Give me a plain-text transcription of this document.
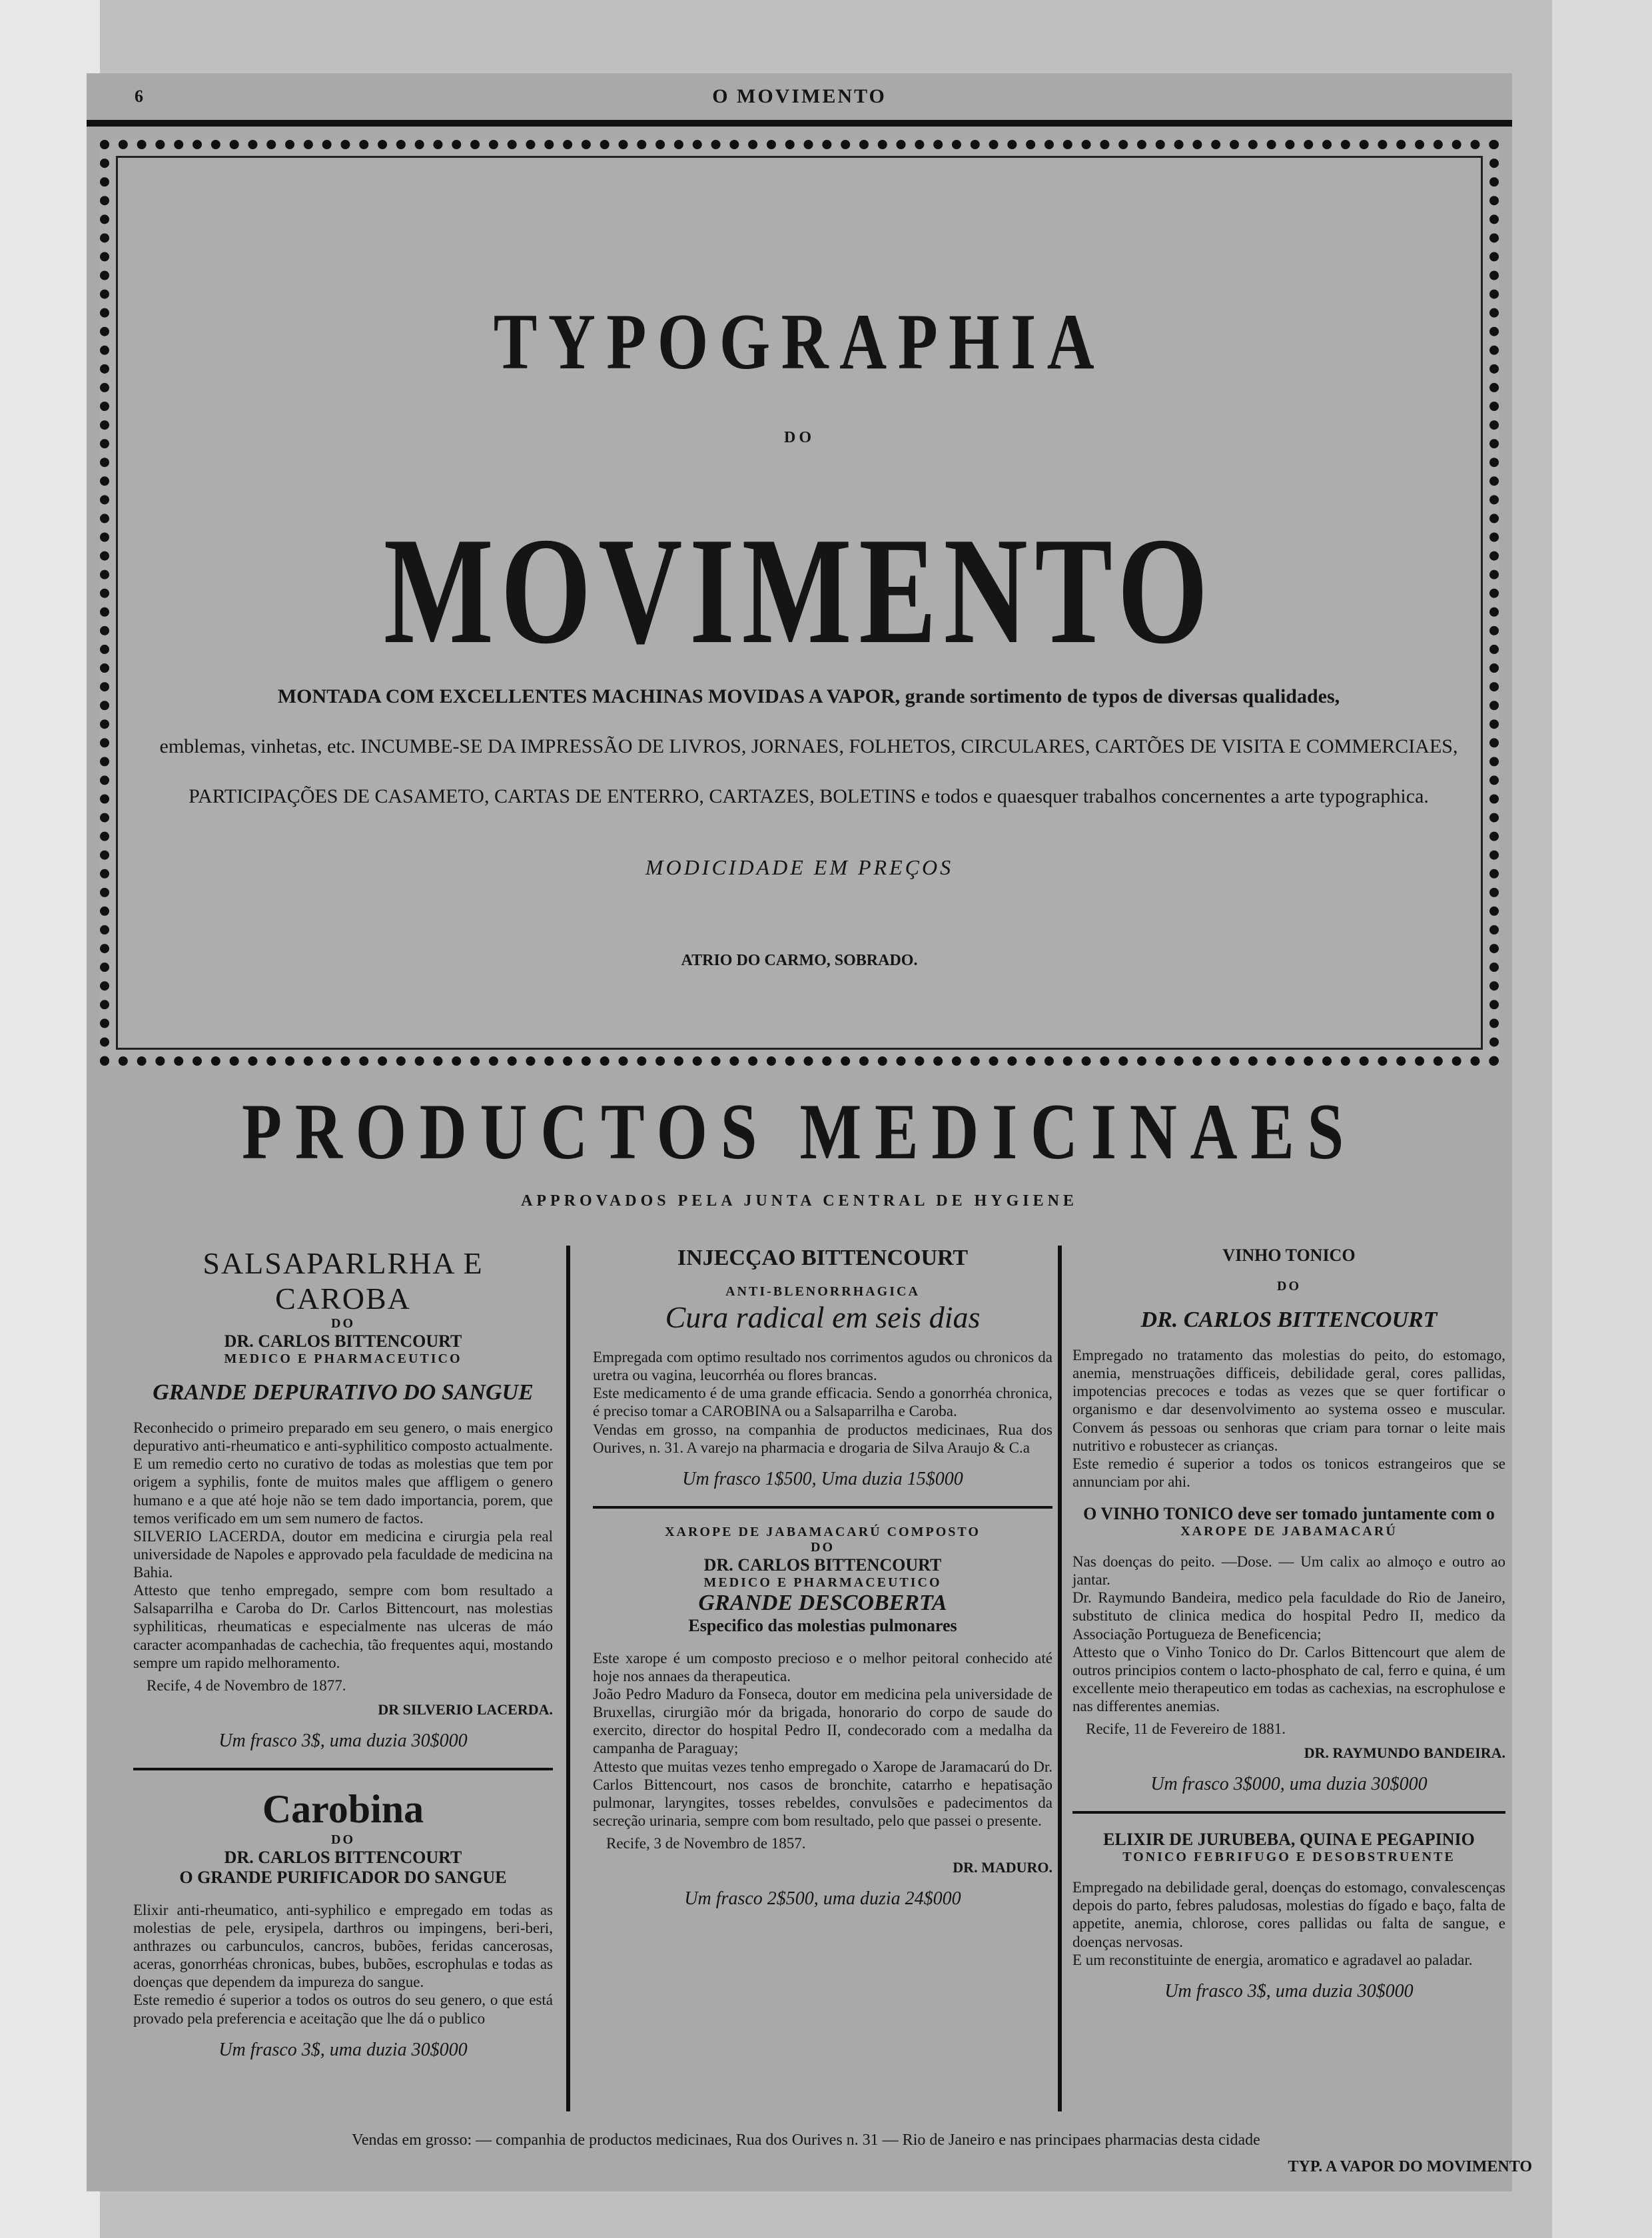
6	O MOVIMENTO
TYPOGRAPHIA
DO
MOVIMENTO
MONTADA COM EXCELLENTES MACHINAS MOVIDAS A VAPOR, grande sortimento de typos de diversas qualidades,
emblemas, vinhetas, etc. INCUMBE-SE DA IMPRESSÃO DE LIVROS, JORNAES, FOLHETOS, CIRCULARES, CARTÕES DE VISITA E COMMERCIAES,
PARTICIPAÇÕES DE CASAMETO, CARTAS DE ENTERRO, CARTAZES, BOLETINS e todos e quaesquer trabalhos concernentes a arte typographica.
MODICIDADE EM PREÇOS
ATRIO DO CARMO, SOBRADO.
PRODUCTOS MEDICINAES
APPROVADOS PELA JUNTA CENTRAL DE HYGIENE
SALSAPARLRHA E CAROBA
DO
DR. CARLOS BITTENCOURT
MEDICO E PHARMACEUTICO
GRANDE DEPURATIVO DO SANGUE

Reconhecido o primeiro preparado em seu genero, o mais energico depurativo anti-rheumatico e anti-syphilitico composto actualmente. E um remedio certo no curativo de todas as molestias que tem por origem a syphilis, fonte de muitos males que affligem o genero humano e a que até hoje não se tem dado importancia, porem, que temos verificado em um sem numero de factos.

SILVERIO LACERDA, doutor em medicina e cirurgia pela real universidade de Napoles e approvado pela faculdade de medicina na Bahia.

Attesto que tenho empregado, sempre com bom resultado a Salsaparrilha e Caroba do Dr. Carlos Bittencourt, nas molestias syphiliticas, rheumaticas e especialmente nas ulceras de máo caracter acompanhadas de cachechia, tão frequentes aqui, mostando sempre um rapido melhoramento.

Recife, 4 de Novembro de 1877.
DR SILVERIO LACERDA.
Um frasco 3$, uma duzia 30$000
Carobina
DO
DR. CARLOS BITTENCOURT
O GRANDE PURIFICADOR DO SANGUE

Elixir anti-rheumatico, anti-syphilico e empregado em todas as molestias de pele, erysipela, darthros ou impingens, beri-beri, anthrazes ou carbunculos, cancros, bubões, feridas cancerosas, aceras, gonorrhéas chronicas, bubes, bubões, escrophulas e todas as doenças que dependem da impureza do sangue.

Este remedio é superior a todos os outros do seu genero, o que está provado pela preferencia e aceitação que lhe dá o publico

Um frasco 3$, uma duzia 30$000
INJECÇAO BITTENCOURT
ANTI-BLENORRHAGICA
Cura radical em seis dias

Empregada com optimo resultado nos corrimentos agudos ou chronicos da uretra ou vagina, leucorrhéa ou flores brancas.

Este medicamento é de uma grande efficacia. Sendo a gonorrhéa chronica, é preciso tomar a CAROBINA ou a Salsaparrilha e Caroba.

Vendas em grosso, na companhia de productos medicinaes, Rua dos Ourives, n. 31. A varejo na pharmacia e drogaria de Silva Araujo & C.a

Um frasco 1$500, Uma duzia 15$000
XAROPE DE JABAMACARÚ COMPOSTO
DO
DR. CARLOS BITTENCOURT
MEDICO E PHARMACEUTICO
GRANDE DESCOBERTA
Especifico das molestias pulmonares

Este xarope é um composto precioso e o melhor peitoral conhecido até hoje nos annaes da therapeutica.

João Pedro Maduro da Fonseca, doutor em medicina pela universidade de Bruxellas, cirurgião mór da brigada, honorario do corpo de saude do exercito, director do hospital Pedro II, condecorado com a medalha da campanha de Paraguay;

Attesto que muitas vezes tenho empregado o Xarope de Jaramacarú do Dr. Carlos Bittencourt, nos casos de bronchite, catarrho e hepatisação pulmonar, laryngites, tosses rebeldes, convulsões e padecimentos da secreção urinaria, sempre com bom resultado, pelo que passei o presente.

Recife, 3 de Novembro de 1857.
DR. MADURO.
Um frasco 2$500, uma duzia 24$000
VINHO TONICO
DO
DR. CARLOS BITTENCOURT

Empregado no tratamento das molestias do peito, do estomago, anemia, menstruações difficeis, debilidade geral, cores pallidas, impotencias precoces e todas as vezes que se quer fortificar o organismo e dar desenvolvimento ao systema osseo e muscular. Convem ás pessoas ou senhoras que criam para tornar o leite mais nutritivo e robustecer as crianças.

Este remedio é superior a todos os tonicos estrangeiros que se annunciam por ahi.

O VINHO TONICO deve ser tomado juntamente com o
XAROPE DE JABAMACARÚ

Nas doenças do peito. —Dose. — Um calix ao almoço e outro ao jantar.

Dr. Raymundo Bandeira, medico pela faculdade do Rio de Janeiro, substituto de clinica medica do hospital Pedro II, medico da Associação Portugueza de Beneficencia;

Attesto que o Vinho Tonico do Dr. Carlos Bittencourt que alem de outros principios contem o lacto-phosphato de cal, ferro e quina, é um excellente meio therapeutico em todas as cachexias, na escrophulose e nas differentes anemias.

Recife, 11 de Fevereiro de 1881.
DR. RAYMUNDO BANDEIRA.
Um frasco 3$000, uma duzia 30$000
ELIXIR DE JURUBEBA, QUINA E PEGAPINIO
TONICO FEBRIFUGO E DESOBSTRUENTE

Empregado na debilidade geral, doenças do estomago, convalescenças depois do parto, febres paludosas, molestias do fígado e baço, falta de appetite, anemia, chlorose, cores pallidas ou falta de sangue, e doenças nervosas.

E um reconstituinte de energia, aromatico e agradavel ao paladar.

Um frasco 3$, uma duzia 30$000
Vendas em grosso: — companhia de productos medicinaes, Rua dos Ourives n. 31 — Rio de Janeiro e nas principaes pharmacias desta cidade
TYP. A VAPOR DO MOVIMENTO
